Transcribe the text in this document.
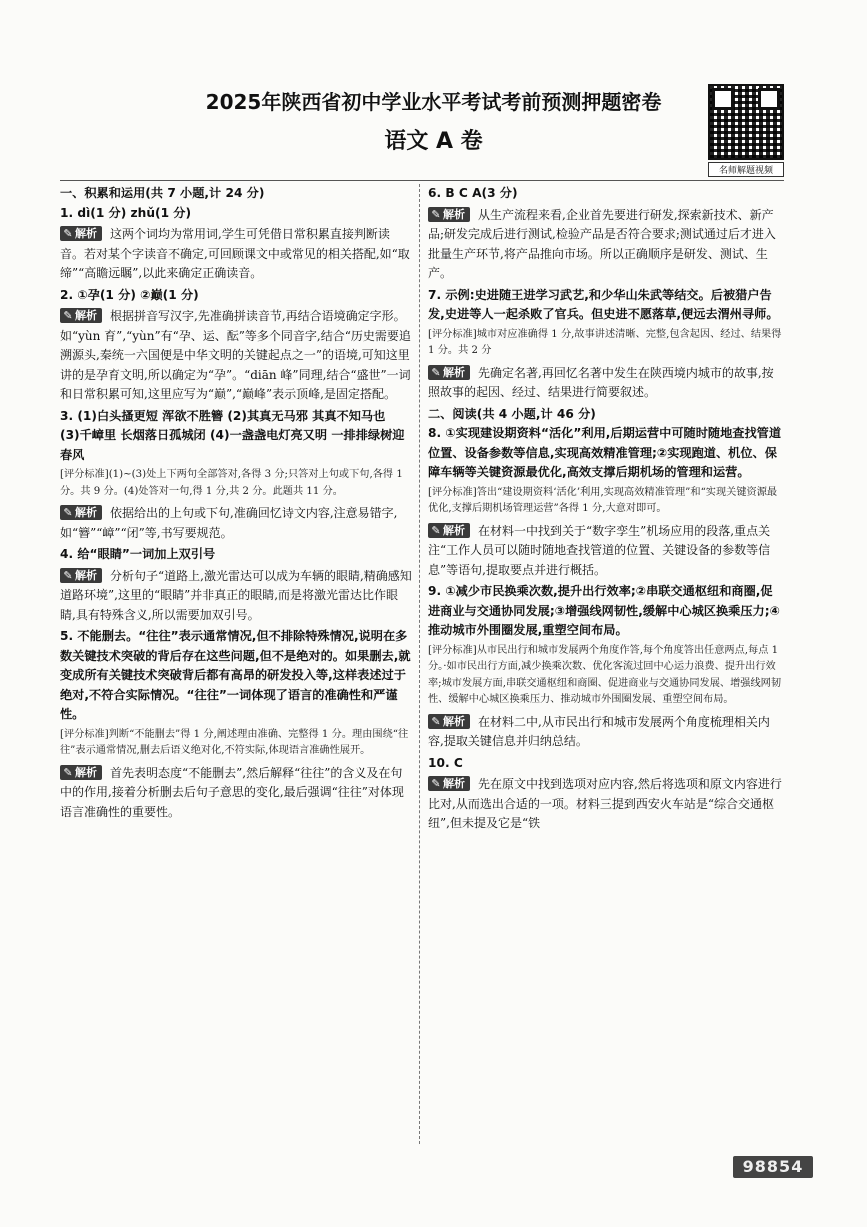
2025年陕西省初中学业水平考试考前预测押题密卷
语文 A 卷
名师解题视频

一、积累和运用(共 7 小题,计 24 分)

1. dì(1 分) zhǔ(1 分)

✎ 解析 这两个词均为常用词,学生可凭借日常积累直接判断读音。若对某个字读音不确定,可回顾课文中或常见的相关搭配,如“取缔”“高瞻远瞩”,以此来确定正确读音。

2. ①孕(1 分) ②巅(1 分)

✎ 解析 根据拼音写汉字,先准确拼读音节,再结合语境确定字形。如“yùn 育”,“yùn”有“孕、运、酝”等多个同音字,结合“历史需要追溯源头,秦统一六国便是中华文明的关键起点之一”的语境,可知这里讲的是孕育文明,所以确定为“孕”。“diān 峰”同理,结合“盛世”一词和日常积累可知,这里应写为“巅”,“巅峰”表示顶峰,是固定搭配。

3. (1)白头搔更短 浑欲不胜簪 (2)其真无马邪 其真不知马也

(3)千嶂里 长烟落日孤城闭 (4)一盏盏电灯亮又明 一排排绿树迎春风

[评分标准](1)~(3)处上下两句全部答对,各得 3 分;只答对上句或下句,各得 1 分。共 9 分。(4)处答对一句,得 1 分,共 2 分。此题共 11 分。

✎ 解析 依据给出的上句或下句,准确回忆诗文内容,注意易错字,如“簪”“嶂”“闭”等,书写要规范。

4. 给“眼睛”一词加上双引号

✎ 解析 分析句子“道路上,激光雷达可以成为车辆的眼睛,精确感知道路环境”,这里的“眼睛”并非真正的眼睛,而是将激光雷达比作眼睛,具有特殊含义,所以需要加双引号。

5. 不能删去。“往往”表示通常情况,但不排除特殊情况,说明在多数关键技术突破的背后存在这些问题,但不是绝对的。如果删去,就变成所有关键技术突破背后都有高昂的研发投入等,这样表述过于绝对,不符合实际情况。“往往”一词体现了语言的准确性和严谨性。

[评分标准]判断“不能删去”得 1 分,阐述理由准确、完整得 1 分。理由围绕“往往”表示通常情况,删去后语义绝对化,不符实际,体现语言准确性展开。

✎ 解析 首先表明态度“不能删去”,然后解释“往往”的含义及在句中的作用,接着分析删去后句子意思的变化,最后强调“往往”对体现语言准确性的重要性。

6. B C A(3 分)

✎ 解析 从生产流程来看,企业首先要进行研发,探索新技术、新产品;研发完成后进行测试,检验产品是否符合要求;测试通过后才进入批量生产环节,将产品推向市场。所以正确顺序是研发、测试、生产。

7. 示例:史进随王进学习武艺,和少华山朱武等结交。后被猎户告发,史进等人一起杀败了官兵。但史进不愿落草,便远去渭州寻师。

[评分标准]城市对应准确得 1 分,故事讲述清晰、完整,包含起因、经过、结果得 1 分。共 2 分

✎ 解析 先确定名著,再回忆名著中发生在陕西境内城市的故事,按照故事的起因、经过、结果进行简要叙述。

二、阅读(共 4 小题,计 46 分)

8. ①实现建设期资料“活化”利用,后期运营中可随时随地查找管道位置、设备参数等信息,实现高效精准管理;②实现跑道、机位、保障车辆等关键资源最优化,高效支撑后期机场的管理和运营。

[评分标准]答出“建设期资料‘活化’利用,实现高效精准管理”和“实现关键资源最优化,支撑后期机场管理运营”各得 1 分,大意对即可。

✎ 解析 在材料一中找到关于“数字孪生”机场应用的段落,重点关注“工作人员可以随时随地查找管道的位置、关键设备的参数等信息”等语句,提取要点并进行概括。

9. ①减少市民换乘次数,提升出行效率;②串联交通枢纽和商圈,促进商业与交通协同发展;③增强线网韧性,缓解中心城区换乘压力;④推动城市外围圈发展,重塑空间布局。

[评分标准]从市民出行和城市发展两个角度作答,每个角度答出任意两点,每点 1 分。·如市民出行方面,减少换乘次数、优化客流过回中心运力浪费、提升出行效率;城市发展方面,串联交通枢纽和商圈、促进商业与交通协同发展、增强线网韧性、缓解中心城区换乘压力、推动城市外围圈发展、重塑空间布局。

✎ 解析 在材料二中,从市民出行和城市发展两个角度梳理相关内容,提取关键信息并归纳总结。

10. C

✎ 解析 先在原文中找到选项对应内容,然后将选项和原文内容进行比对,从而选出合适的一项。材料三提到西安火车站是“综合交通枢纽”,但未提及它是“铁

98854
